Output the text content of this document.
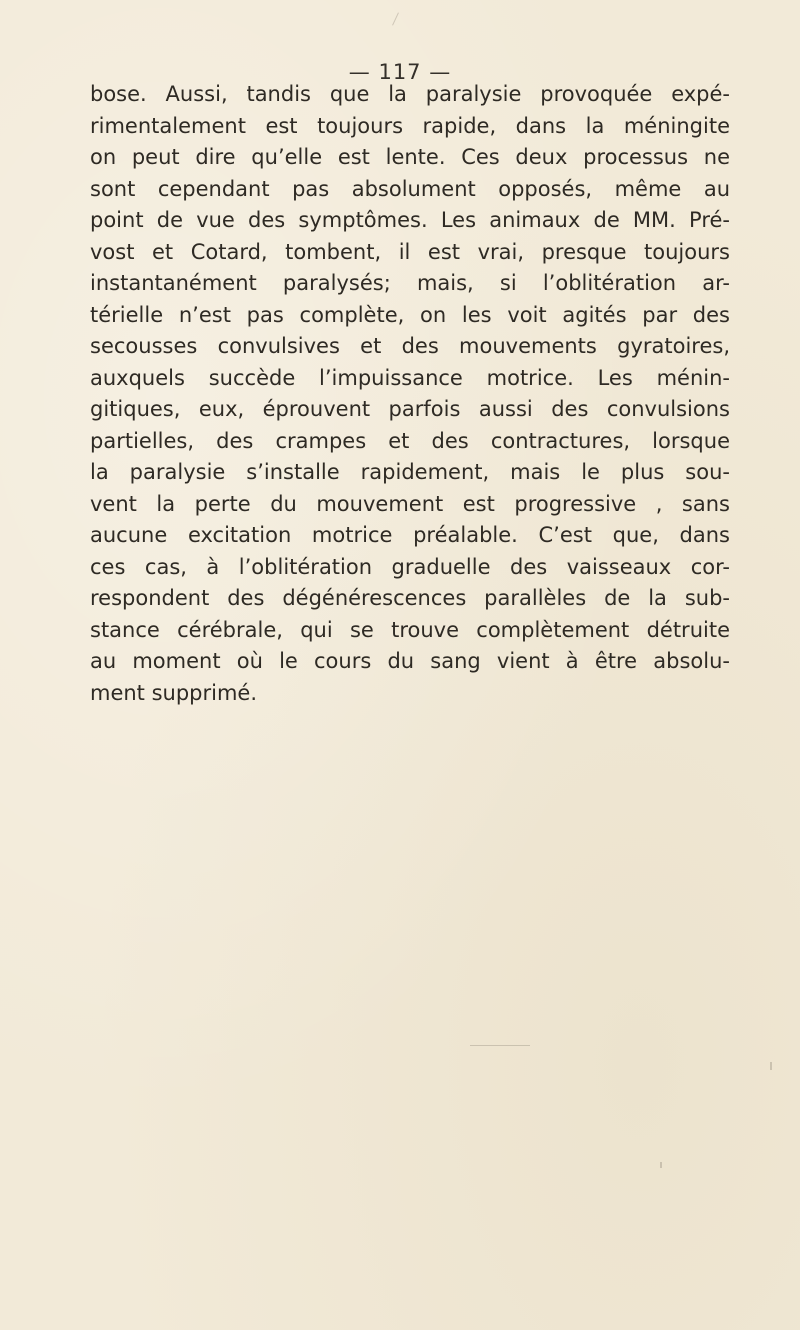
— 117 —
bose. Aussi, tandis que la paralysie provoquée expé-
rimentalement est toujours rapide, dans la méningite
on peut dire qu’elle est lente. Ces deux processus ne
sont cependant pas absolument opposés, même au
point de vue des symptômes. Les animaux de MM. Pré-
vost et Cotard, tombent, il est vrai, presque toujours
instantanément paralysés; mais, si l’oblitération ar-
térielle n’est pas complète, on les voit agités par des
secousses convulsives et des mouvements gyratoires,
auxquels succède l’impuissance motrice. Les ménin-
gitiques, eux, éprouvent parfois aussi des convulsions
partielles, des crampes et des contractures, lorsque
la paralysie s’installe rapidement, mais le plus sou-
vent la perte du mouvement est progressive , sans
aucune excitation motrice préalable. C’est que, dans
ces cas, à l’oblitération graduelle des vaisseaux cor-
respondent des dégénérescences parallèles de la sub-
stance cérébrale, qui se trouve complètement détruite
au moment où le cours du sang vient à être absolu-
ment supprimé.
